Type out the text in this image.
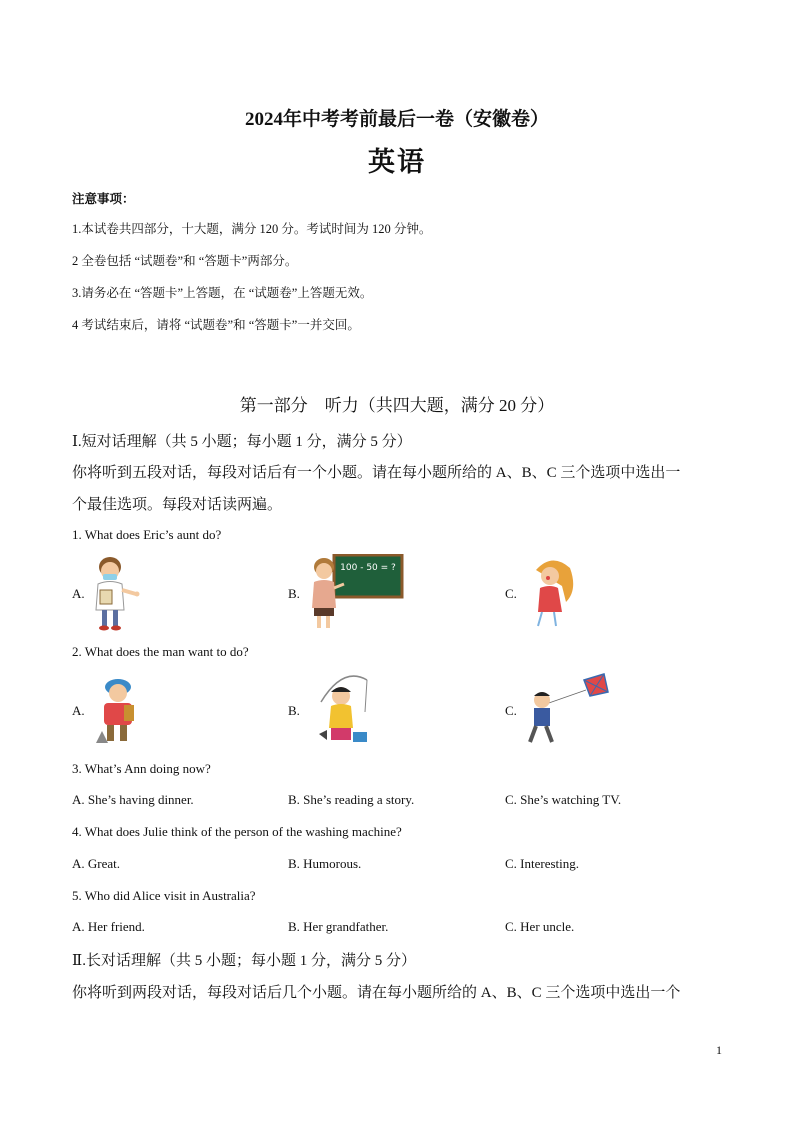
2024年中考考前最后一卷（安徽卷）
英语
注意事项：
1.本试卷共四部分，十大题，满分 120 分。考试时间为 120 分钟。
2 全卷包括 “试题卷”和 “答题卡”两部分。
3.请务必在 “答题卡”上答题，在 “试题卷”上答题无效。
4 考试结束后，请将 “试题卷”和 “答题卡”一并交回。
第一部分　听力（共四大题，满分 20 分）
Ⅰ.短对话理解（共 5 小题；每小题 1 分，满分 5 分）
你将听到五段对话，每段对话后有一个小题。请在每小题所给的 A、B、C 三个选项中选出一
个最佳选项。每段对话读两遍。
1. What does Eric’s aunt do?
A.	B.	C.
100 - 50 = ?
2. What does the man want to do?
A.	B.	C.
3. What’s Ann doing now?
A. She’s having dinner.	B. She’s reading a story.	C. She’s watching TV.
4. What does Julie think of the person of the washing machine?
A. Great.	B. Humorous.	C. Interesting.
5. Who did Alice visit in Australia?
A. Her friend.	B. Her grandfather.	C. Her uncle.
Ⅱ.长对话理解（共 5 小题；每小题 1 分，满分 5 分）
你将听到两段对话，每段对话后几个小题。请在每小题所给的 A、B、C 三个选项中选出一个
1
